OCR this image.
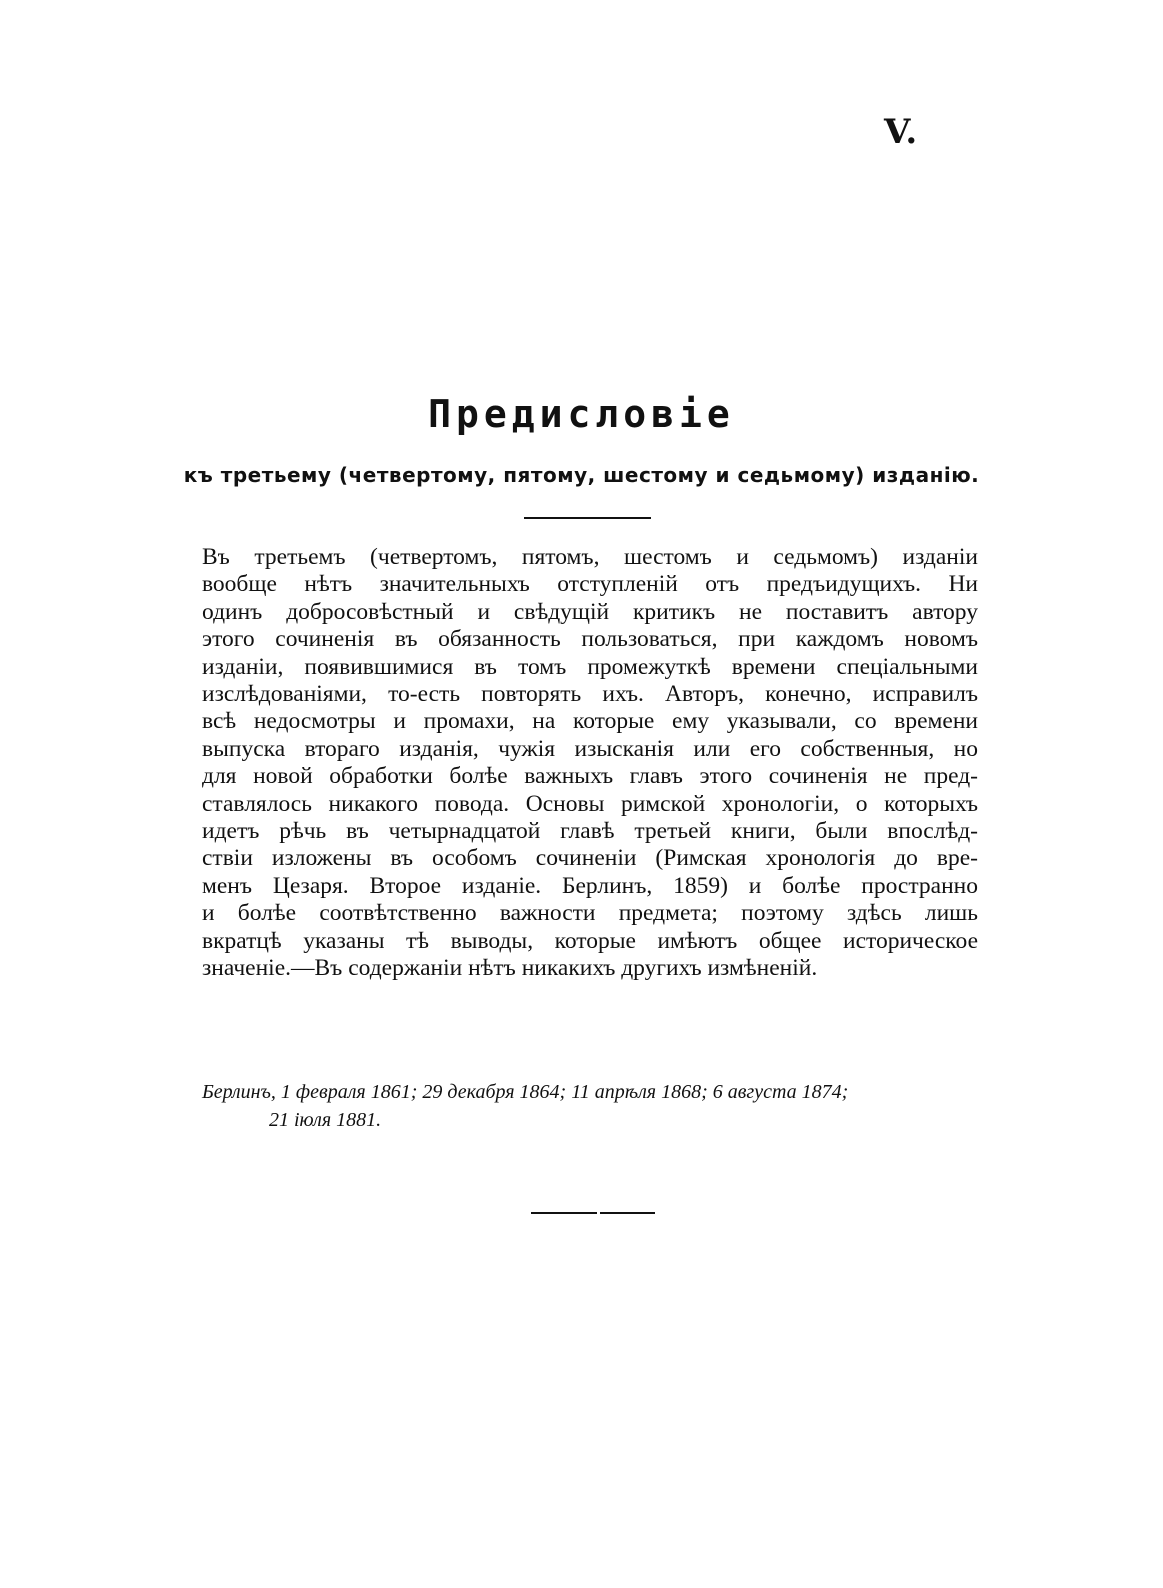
V.
Предисловіе
къ третьему (четвертому, пятому, шестому и седьмому) изданію.
Въ третьемъ (четвертомъ, пятомъ, шестомъ и седьмомъ) изданіи
вообще нѣтъ значительныхъ отступленій отъ предъидущихъ. Ни
одинъ добросовѣстный и свѣдущій критикъ не поставитъ автору
этого сочиненія въ обязанность пользоваться, при каждомъ новомъ
изданіи, появившимися въ томъ промежуткѣ времени спеціальными
изслѣдованіями, то-есть повторять ихъ. Авторъ, конечно, исправилъ
всѣ недосмотры и промахи, на которые ему указывали, со времени
выпуска втораго изданія, чужія изысканія или его собственныя, но
для новой обработки болѣе важныхъ главъ этого сочиненія не пред-
ставлялось никакого повода. Основы римской хронологіи, о которыхъ
идетъ рѣчь въ четырнадцатой главѣ третьей книги, были впослѣд-
ствіи изложены въ особомъ сочиненіи (Римская хронологія до вре-
менъ Цезаря. Второе изданіе. Берлинъ, 1859) и болѣе пространно
и болѣе соотвѣтственно важности предмета; поэтому здѣсь лишь
вкратцѣ указаны тѣ выводы, которые имѣютъ общее историческое
значеніе.—Въ содержаніи нѣтъ никакихъ другихъ измѣненій.
Берлинъ, 1 февраля 1861; 29 декабря 1864; 11 апрѣля 1868; 6 августа 1874;
21 іюля 1881.
